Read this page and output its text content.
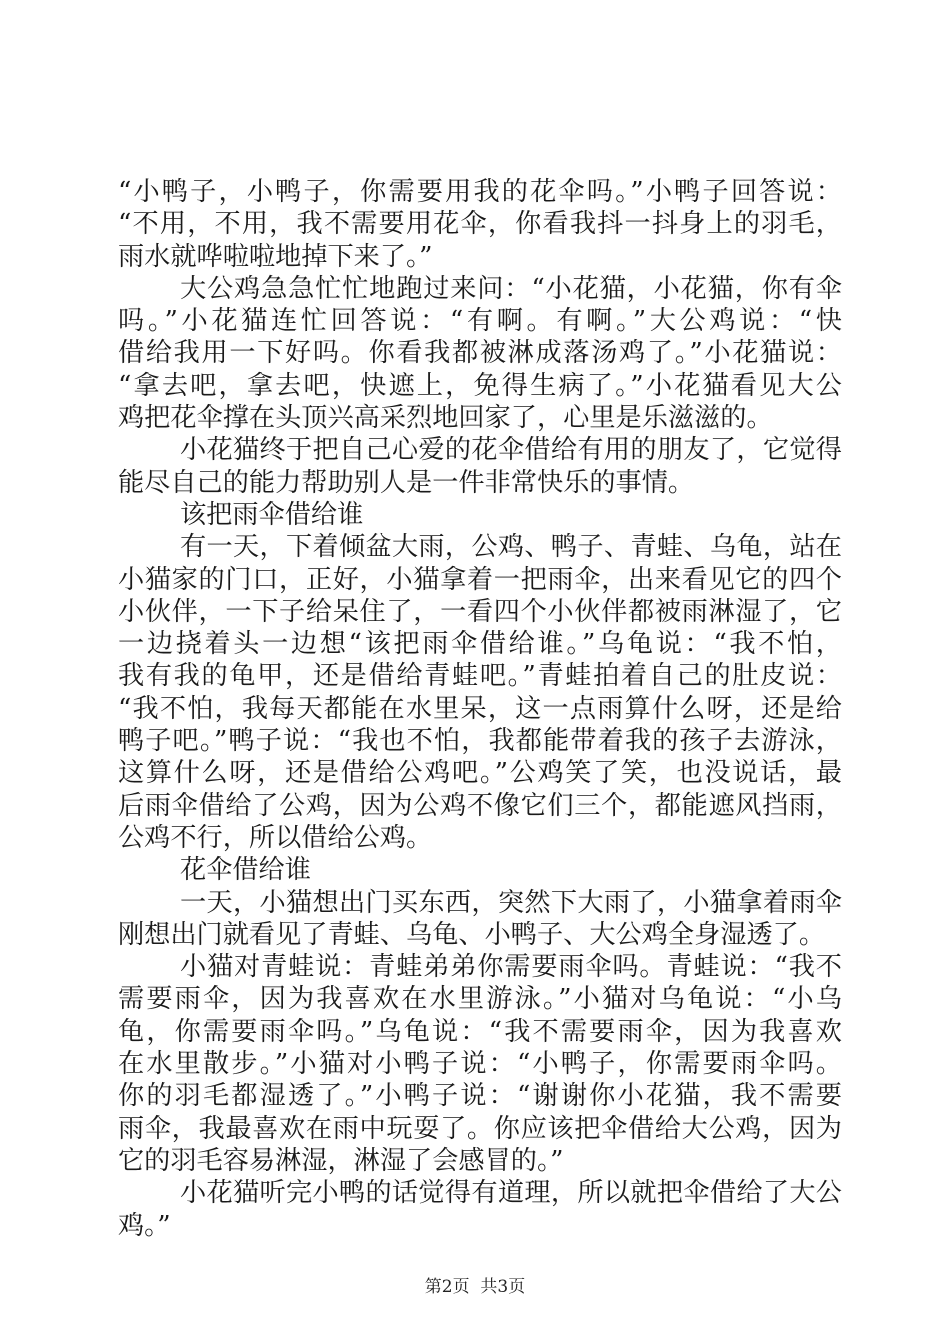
“小鸭子，小鸭子，你需要用我的花伞吗。”小鸭子回答说：
“不用，不用，我不需要用花伞，你看我抖一抖身上的羽毛，
雨水就哗啦啦地掉下来了。”
大公鸡急急忙忙地跑过来问：“小花猫，小花猫，你有伞
吗。”小花猫连忙回答说：“有啊。有啊。”大公鸡说：“快
借给我用一下好吗。你看我都被淋成落汤鸡了。”小花猫说：
“拿去吧，拿去吧，快遮上，免得生病了。”小花猫看见大公
鸡把花伞撑在头顶兴高采烈地回家了，心里是乐滋滋的。
小花猫终于把自己心爱的花伞借给有用的朋友了，它觉得
能尽自己的能力帮助别人是一件非常快乐的事情。
该把雨伞借给谁
有一天，下着倾盆大雨，公鸡、鸭子、青蛙、乌龟，站在
小猫家的门口，正好，小猫拿着一把雨伞，出来看见它的四个
小伙伴，一下子给呆住了，一看四个小伙伴都被雨淋湿了，它
一边挠着头一边想“该把雨伞借给谁。”乌龟说：“我不怕，
我有我的龟甲，还是借给青蛙吧。”青蛙拍着自己的肚皮说：
“我不怕，我每天都能在水里呆，这一点雨算什么呀，还是给
鸭子吧。”鸭子说：“我也不怕，我都能带着我的孩子去游泳，
这算什么呀，还是借给公鸡吧。”公鸡笑了笑，也没说话，最
后雨伞借给了公鸡，因为公鸡不像它们三个，都能遮风挡雨，
公鸡不行，所以借给公鸡。
花伞借给谁
一天，小猫想出门买东西，突然下大雨了，小猫拿着雨伞
刚想出门就看见了青蛙、乌龟、小鸭子、大公鸡全身湿透了。
小猫对青蛙说：青蛙弟弟你需要雨伞吗。青蛙说：“我不
需要雨伞，因为我喜欢在水里游泳。”小猫对乌龟说：“小乌
龟，你需要雨伞吗。”乌龟说：“我不需要雨伞，因为我喜欢
在水里散步。”小猫对小鸭子说：“小鸭子，你需要雨伞吗。
你的羽毛都湿透了。”小鸭子说：“谢谢你小花猫，我不需要
雨伞，我最喜欢在雨中玩耍了。你应该把伞借给大公鸡，因为
它的羽毛容易淋湿，淋湿了会感冒的。”
小花猫听完小鸭的话觉得有道理，所以就把伞借给了大公
鸡。”
第2页  共3页
